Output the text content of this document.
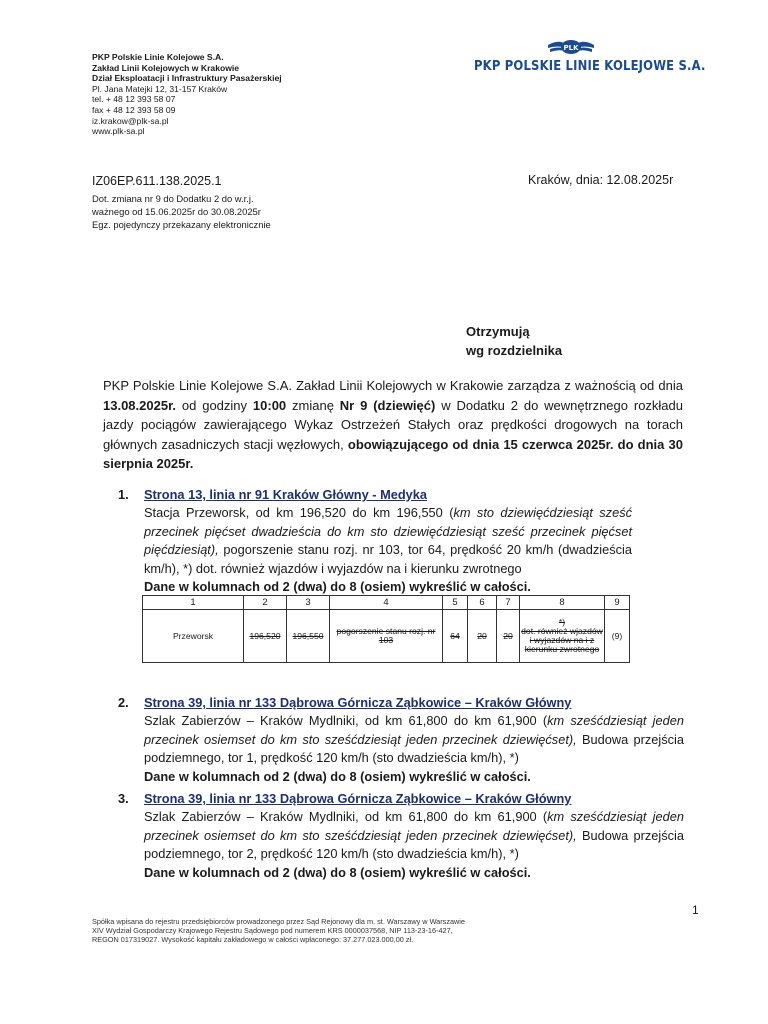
PKP Polskie Linie Kolejowe S.A.
Zakład Linii Kolejowych w Krakowie
Dział Eksploatacji i Infrastruktury Pasażerskiej
Pl. Jana Matejki 12, 31-157 Kraków
tel. + 48 12 393 58 07
fax + 48 12 393 58 09
iz.krakow@plk-sa.pl
www.plk-sa.pl
PLK
PKP POLSKIE LINIE KOLEJOWE S.A.
IZ06EP.611.138.2025.1
Dot. zmiana nr 9 do Dodatku 2 do w.r.j.
ważnego od 15.06.2025r do 30.08.2025r
Egz. pojedynczy przekazany elektronicznie
Kraków, dnia: 12.08.2025r
Otrzymują
wg rozdzielnika
PKP Polskie Linie Kolejowe S.A. Zakład Linii Kolejowych w Krakowie zarządza z ważnością od dnia 13.08.2025r. od godziny 10:00 zmianę Nr 9 (dziewięć) w Dodatku 2 do wewnętrznego rozkładu jazdy pociągów zawierającego Wykaz Ostrzeżeń Stałych oraz prędkości drogowych na torach głównych zasadniczych stacji węzłowych, obowiązującego od dnia 15 czerwca 2025r. do dnia 30 sierpnia 2025r.
1. Strona 13, linia nr 91 Kraków Główny - Medyka
Stacja Przeworsk, od km 196,520 do km 196,550 (km sto dziewięćdziesiąt sześć przecinek pięćset dwadzieścia do km sto dziewięćdziesiąt sześć przecinek pięćset pięćdziesiąt), pogorszenie stanu rozj. nr 103, tor 64, prędkość 20 km/h (dwadzieścia km/h), *) dot. również wjazdów i wyjazdów na i kierunku zwrotnego
Dane w kolumnach od 2 (dwa) do 8 (osiem) wykreślić w całości.
1	2	3	4	5	6	7	8	9
Przeworsk	196,520	196,550	pogorszenie stanu rozj. nr 103	64	20	20	*)
dot. również wjazdów i wyjazdów na i z kierunku zwrotnego	(9)
2. Strona 39, linia nr 133 Dąbrowa Górnicza Ząbkowice – Kraków Główny
Szlak Zabierzów – Kraków Mydlniki, od km 61,800 do km 61,900 (km sześćdziesiąt jeden przecinek osiemset do km sto sześćdziesiąt jeden przecinek dziewięćset), Budowa przejścia podziemnego, tor 1, prędkość 120 km/h (sto dwadzieścia km/h), *)
Dane w kolumnach od 2 (dwa) do 8 (osiem) wykreślić w całości.
3. Strona 39, linia nr 133 Dąbrowa Górnicza Ząbkowice – Kraków Główny
Szlak Zabierzów – Kraków Mydlniki, od km 61,800 do km 61,900 (km sześćdziesiąt jeden przecinek osiemset do km sto sześćdziesiąt jeden przecinek dziewięćset), Budowa przejścia podziemnego, tor 2, prędkość 120 km/h (sto dwadzieścia km/h), *)
Dane w kolumnach od 2 (dwa) do 8 (osiem) wykreślić w całości.
1
Spółka wpisana do rejestru przedsiębiorców prowadzonego przez Sąd Rejonowy dla m. st. Warszawy w Warszawie
XIV Wydział Gospodarczy Krajowego Rejestru Sądowego pod numerem KRS 0000037568, NIP 113-23-16-427,
REGON 017319027. Wysokość kapitału zakładowego w całości wpłaconego: 37.277.023.000,00 zł.
